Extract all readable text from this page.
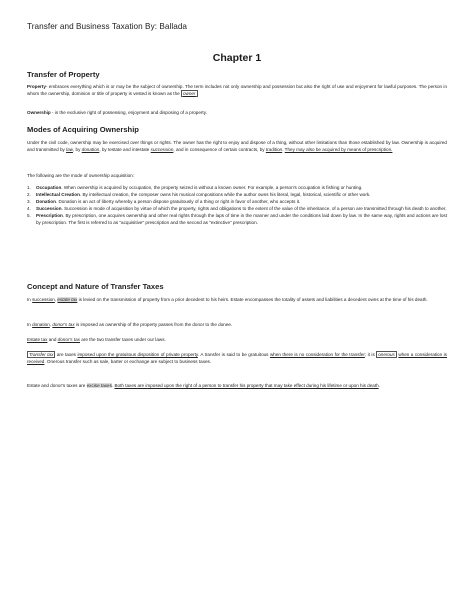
Transfer and Business Taxation By: Ballada
Chapter 1
Transfer of Property
Property- embraces everything which is or may be the subject of ownership. The term includes not only ownership and possession but also the right of use and enjoyment for lawful purposes. The person in whom the ownership, dominion or title of property is vested is known as the owner
Ownership - is the exclusive right of possessing, enjoyment and disposing of a property.
Modes of Acquiring Ownership
Under the civil code, ownership may be exercised over things or rights. The owner has the right to enjoy and dispose of a thing, without other limitations than those established by law. Ownership is acquired and transmitted by law, by donation, by testate and intestate succession, and in consequence of certain contracts, by tradition. They may also be acquired by means of prescription.
The following are the mode of ownership acquisition:
1. Occupation. When ownership is acquired by occupation, the property seized is without a known owner. For example, a person's occupation is fishing or hunting.
2. Intellectual Creation. By intellectual creation, the composer owns his musical compositions while the author owns his literal, legal, historical, scientific or other work.
3. Donation. Donation is an act of liberty whereby a person dispose gratuitously of a thing or right in favor of another, who accepts it.
4. Succession. Succession is mode of acquisition by virtue of which the property, rights and obligations to the extent of the value of the inheritance, of a person are transmitted through his death to another.
5. Prescription. By prescription, one acquires ownership and other real rights through the laps of time in the manner and under the conditions laid down by law. In the same way, rights and actions are lost by prescription. The first is referred to as "acquisitive" prescription and the second as "extinctive" prescription.
Concept and Nature of Transfer Taxes
In succession, estate tax is levied on the transmission of property from a prior decedent to his heirs. Estate encompasses the totality of assets and liabilities a decedent owns at the time of his death.
In donation, donor's tax is imposed as ownership of the property passes from the donor to the donee.
Estate tax and donor's tax are the two transfer taxes under our laws.
Transfer tax are taxes imposed upon the gratuitous disposition of private property. A transfer is said to be gratuitous when there is no consideration for the transfer; it is onerous when a consideration is received. Onerous transfer such as sale, barter or exchange are subject to business taxes.
Estate and donor's taxes are excise taxes. Both taxes are imposed upon the right of a person to transfer his property that may take effect during his lifetime or upon his death.
